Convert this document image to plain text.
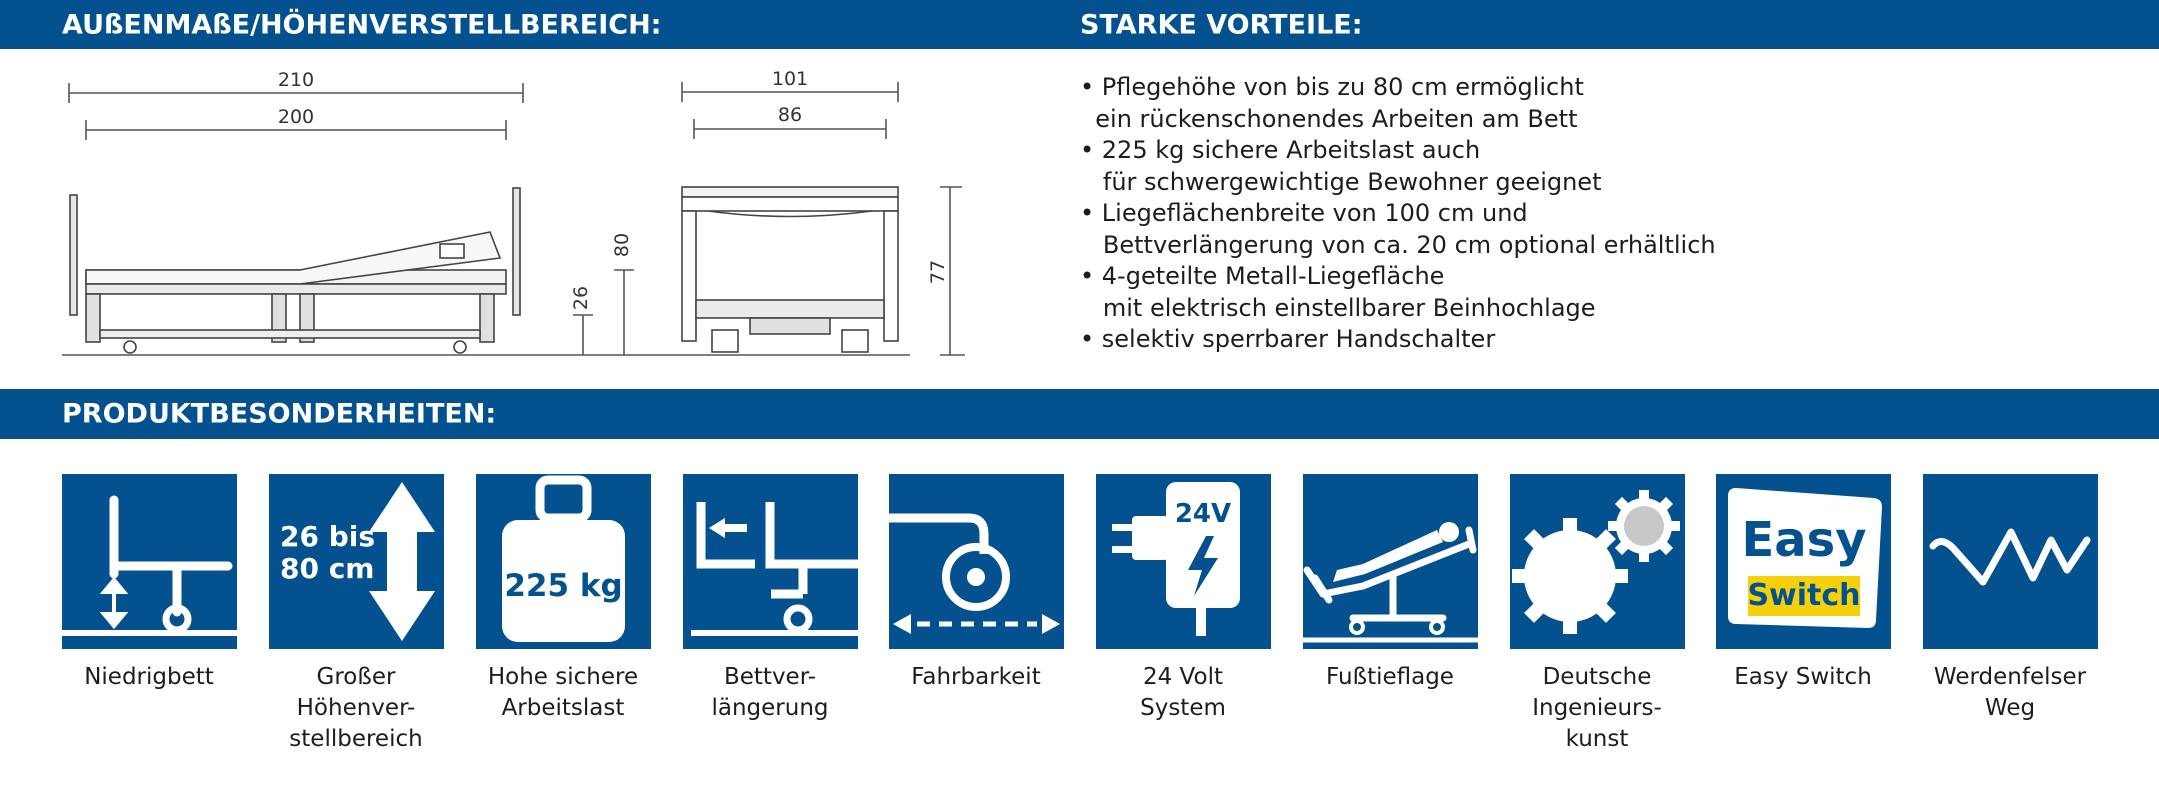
AUßENMAßE/HÖHENVERSTELLBEREICH:	STARKE VORTEILE:
210
200
26
80
101
86
77
• Pflegehöhe von bis zu 80 cm ermöglicht
ein rückenschonendes Arbeiten am Bett
• 225 kg sichere Arbeitslast auch
für schwergewichtige Bewohner geeignet
• Liegeflächenbreite von 100 cm und
Bettverlängerung von ca. 20 cm optional erhältlich
• 4-geteilte Metall-Liegefläche
mit elektrisch einstellbarer Beinhochlage
• selektiv sperrbarer Handschalter
PRODUKTBESONDERHEITEN:
Niedrigbett
26 bis
80 cm
Großer
Höhenver-
stellbereich
225 kg
Hohe sichere
Arbeitslast
Bettver-
längerung
Fahrbarkeit
24V
24 Volt
System
Fußtieflage	Deutsche
Ingenieurs-
kunst
Easy
Switch
Easy Switch	Werdenfelser
Weg
